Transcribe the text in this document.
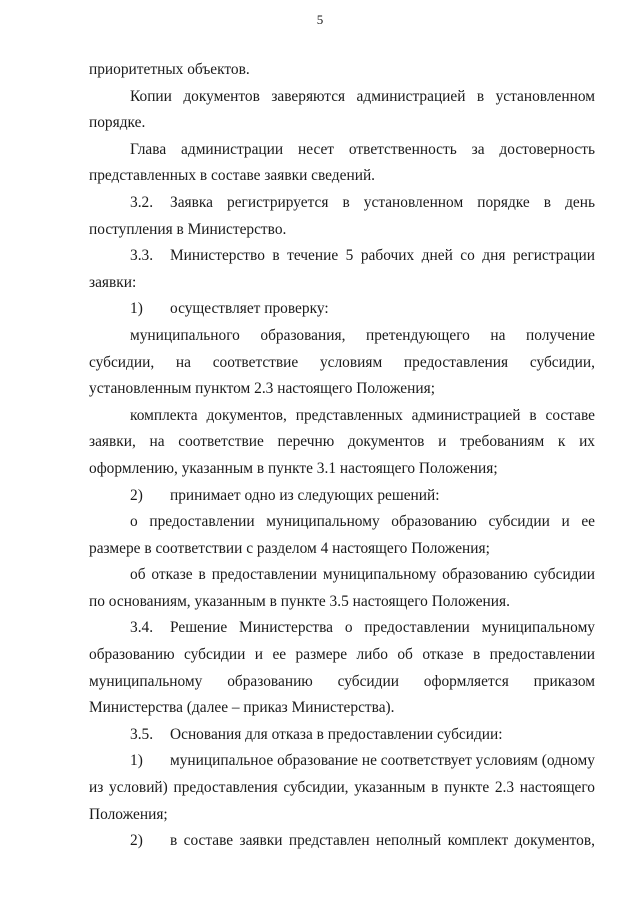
5

приоритетных объектов.

Копии документов заверяются администрацией в установленном порядке.

Глава администрации несет ответственность за достоверность представленных в составе заявки сведений.

3.2. Заявка регистрируется в установленном порядке в день поступления в Министерство.

3.3. Министерство в течение 5 рабочих дней со дня регистрации заявки:

1) осуществляет проверку:

муниципального образования, претендующего на получение субсидии, на соответствие условиям предоставления субсидии, установленным пунктом 2.3 настоящего Положения;

комплекта документов, представленных администрацией в составе заявки, на соответствие перечню документов и требованиям к их оформлению, указанным в пункте 3.1 настоящего Положения;

2) принимает одно из следующих решений:

о предоставлении муниципальному образованию субсидии и ее размере в соответствии с разделом 4 настоящего Положения;

об отказе в предоставлении муниципальному образованию субсидии по основаниям, указанным в пункте 3.5 настоящего Положения.

3.4. Решение Министерства о предоставлении муниципальному образованию субсидии и ее размере либо об отказе в предоставлении муниципальному образованию субсидии оформляется приказом Министерства (далее – приказ Министерства).

3.5. Основания для отказа в предоставлении субсидии:

1) муниципальное образование не соответствует условиям (одному из условий) предоставления субсидии, указанным в пункте 2.3 настоящего Положения;

2) в составе заявки представлен неполный комплект документов,
